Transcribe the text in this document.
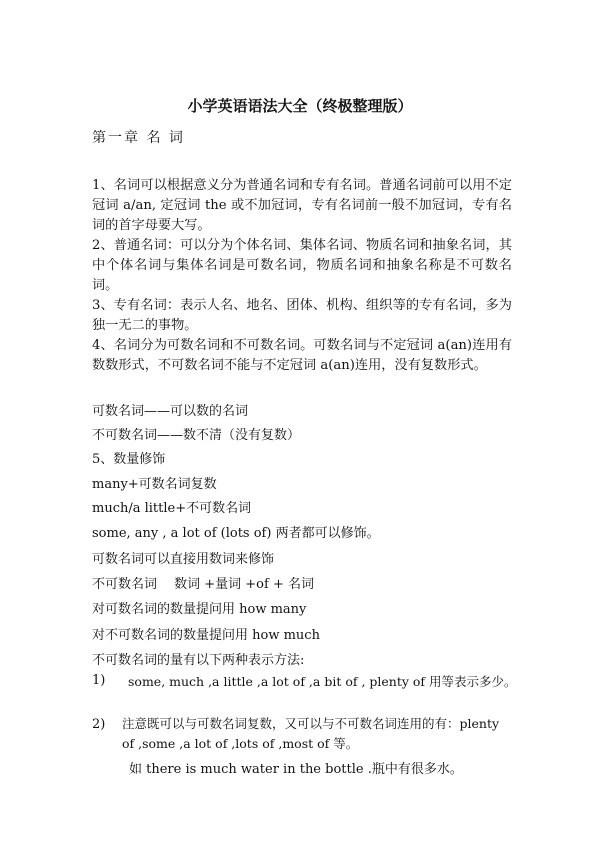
小学英语语法大全（终极整理版）
第一章 名 词
1、名词可以根据意义分为普通名词和专有名词。普通名词前可以用不定冠词 a/an, 定冠词 the 或不加冠词，专有名词前一般不加冠词，专有名词的首字母要大写。
2、普通名词：可以分为个体名词、集体名词、物质名词和抽象名词，其中个体名词与集体名词是可数名词，物质名词和抽象名称是不可数名词。
3、专有名词：表示人名、地名、团体、机构、组织等的专有名词，多为独一无二的事物。
4、名词分为可数名词和不可数名词。可数名词与不定冠词 a(an)连用有数数形式，不可数名词不能与不定冠词 a(an)连用，没有复数形式。
可数名词——可以数的名词
不可数名词——数不清（没有复数）
5、数量修饰
many+可数名词复数
much/a little+不可数名词
some, any , a lot of (lots of) 两者都可以修饰。
可数名词可以直接用数词来修饰
不可数名词　 数词 +量词 +of + 名词
对可数名词的数量提问用 how many
对不可数名词的数量提问用 how much
不可数名词的量有以下两种表示方法:
1) some, much ,a little ,a lot of ,a bit of , plenty of 用等表示多少。
2) 注意既可以与可数名词复数，又可以与不可数名词连用的有：plenty of ,some ,a lot of ,lots of ,most of 等。
如 there is much water in the bottle .瓶中有很多水。
